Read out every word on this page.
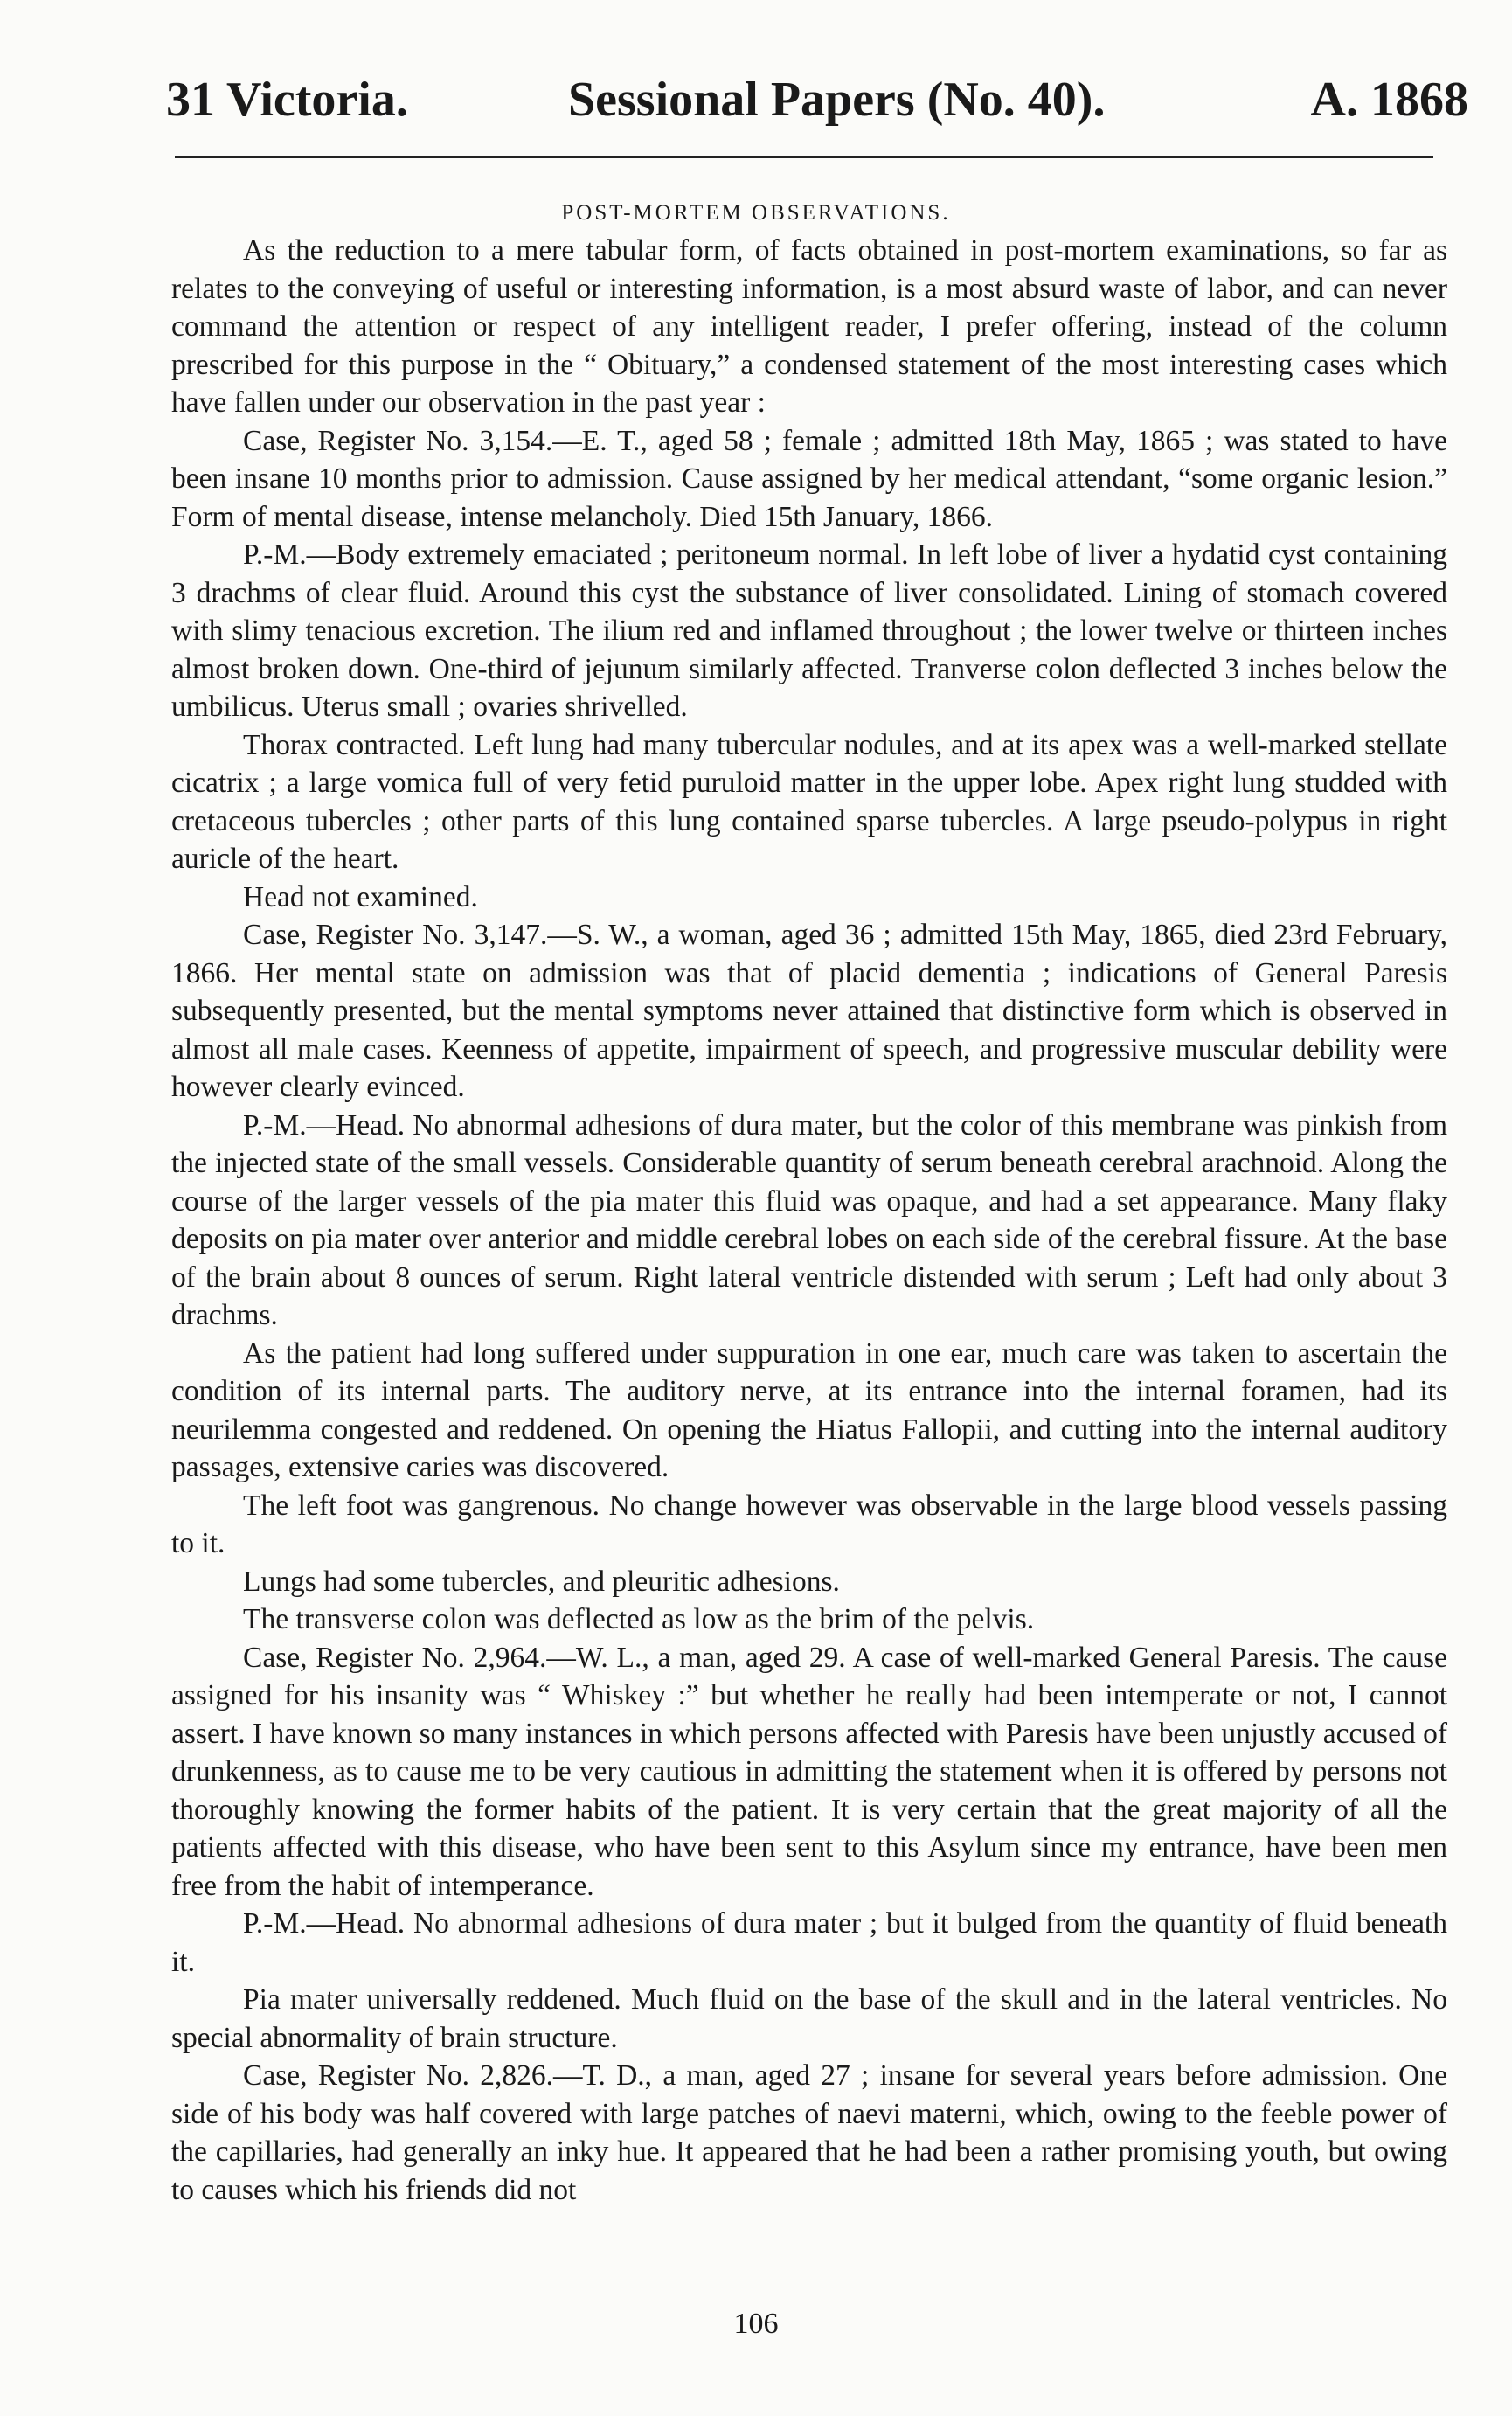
31 Victoria.	Sessional Papers (No. 40).	A. 1868
POST-MORTEM OBSERVATIONS.

As the reduction to a mere tabular form, of facts obtained in post-mortem examinations, so far as relates to the conveying of useful or interesting information, is a most absurd waste of labor, and can never command the attention or respect of any intelligent reader, I prefer offering, instead of the column prescribed for this purpose in the “ Obituary,” a condensed statement of the most interesting cases which have fallen under our observation in the past year :

Case, Register No. 3,154.—E. T., aged 58 ; female ; admitted 18th May, 1865 ; was stated to have been insane 10 months prior to admission. Cause assigned by her medical attendant, “some organic lesion.” Form of mental disease, intense melancholy. Died 15th January, 1866.

P.-M.—Body extremely emaciated ; peritoneum normal. In left lobe of liver a hydatid cyst containing 3 drachms of clear fluid. Around this cyst the substance of liver consolidated. Lining of stomach covered with slimy tenacious excretion. The ilium red and inflamed throughout ; the lower twelve or thirteen inches almost broken down. One-third of jejunum similarly affected. Tranverse colon deflected 3 inches below the umbilicus. Uterus small ; ovaries shrivelled.

Thorax contracted. Left lung had many tubercular nodules, and at its apex was a well-marked stellate cicatrix ; a large vomica full of very fetid puruloid matter in the upper lobe. Apex right lung studded with cretaceous tubercles ; other parts of this lung contained sparse tubercles. A large pseudo-polypus in right auricle of the heart.

Head not examined.

Case, Register No. 3,147.—S. W., a woman, aged 36 ; admitted 15th May, 1865, died 23rd February, 1866. Her mental state on admission was that of placid dementia ; indications of General Paresis subsequently presented, but the mental symptoms never attained that distinctive form which is observed in almost all male cases. Keenness of appetite, impairment of speech, and progressive muscular debility were however clearly evinced.

P.-M.—Head. No abnormal adhesions of dura mater, but the color of this membrane was pinkish from the injected state of the small vessels. Considerable quantity of serum beneath cerebral arachnoid. Along the course of the larger vessels of the pia mater this fluid was opaque, and had a set appearance. Many flaky deposits on pia mater over anterior and middle cerebral lobes on each side of the cerebral fissure. At the base of the brain about 8 ounces of serum. Right lateral ventricle distended with serum ; Left had only about 3 drachms.

As the patient had long suffered under suppuration in one ear, much care was taken to ascertain the condition of its internal parts. The auditory nerve, at its entrance into the internal foramen, had its neurilemma congested and reddened. On opening the Hiatus Fallopii, and cutting into the internal auditory passages, extensive caries was discovered.

The left foot was gangrenous. No change however was observable in the large blood vessels passing to it.

Lungs had some tubercles, and pleuritic adhesions.

The transverse colon was deflected as low as the brim of the pelvis.

Case, Register No. 2,964.—W. L., a man, aged 29. A case of well-marked General Paresis. The cause assigned for his insanity was “ Whiskey :” but whether he really had been intemperate or not, I cannot assert. I have known so many instances in which persons affected with Paresis have been unjustly accused of drunkenness, as to cause me to be very cautious in admitting the statement when it is offered by persons not thoroughly knowing the former habits of the patient. It is very certain that the great majority of all the patients affected with this disease, who have been sent to this Asylum since my entrance, have been men free from the habit of intemperance.

P.-M.—Head. No abnormal adhesions of dura mater ; but it bulged from the quantity of fluid beneath it.

Pia mater universally reddened. Much fluid on the base of the skull and in the lateral ventricles. No special abnormality of brain structure.

Case, Register No. 2,826.—T. D., a man, aged 27 ; insane for several years before admission. One side of his body was half covered with large patches of naevi materni, which, owing to the feeble power of the capillaries, had generally an inky hue. It appeared that he had been a rather promising youth, but owing to causes which his friends did not

106
